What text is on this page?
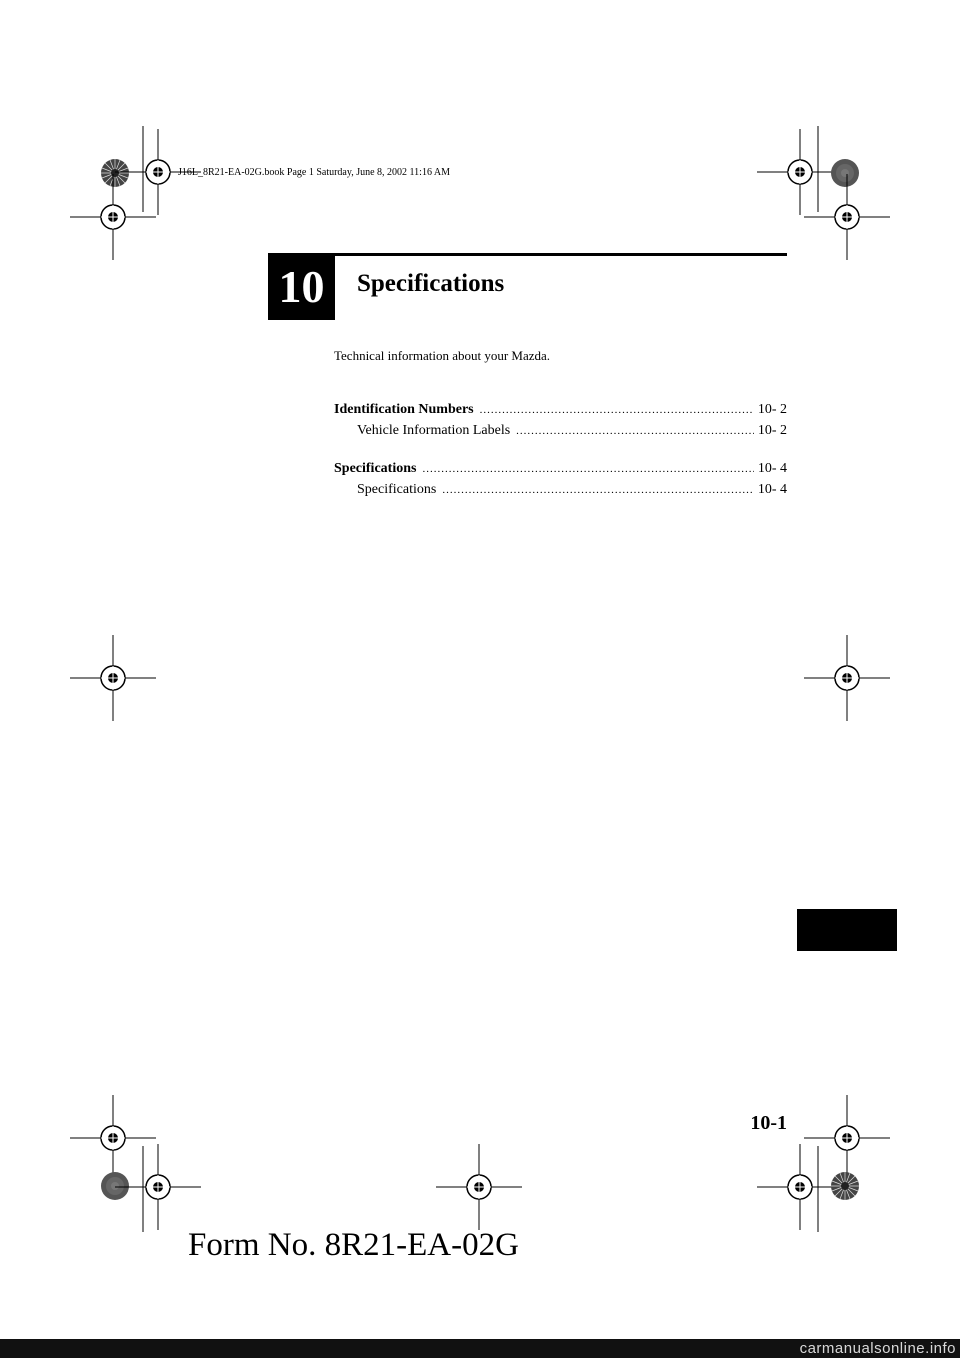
J16L_8R21-EA-02G.book Page 1 Saturday, June 8, 2002 11:16 AM
10	Specifications
Technical information about your Mazda.
Identification Numbers .....	10- 2
Vehicle Information Labels .....	10- 2
Specifications .....	10- 4
Specifications .....	10- 4
10-1
Form No. 8R21-EA-02G
carmanualsonline.info
